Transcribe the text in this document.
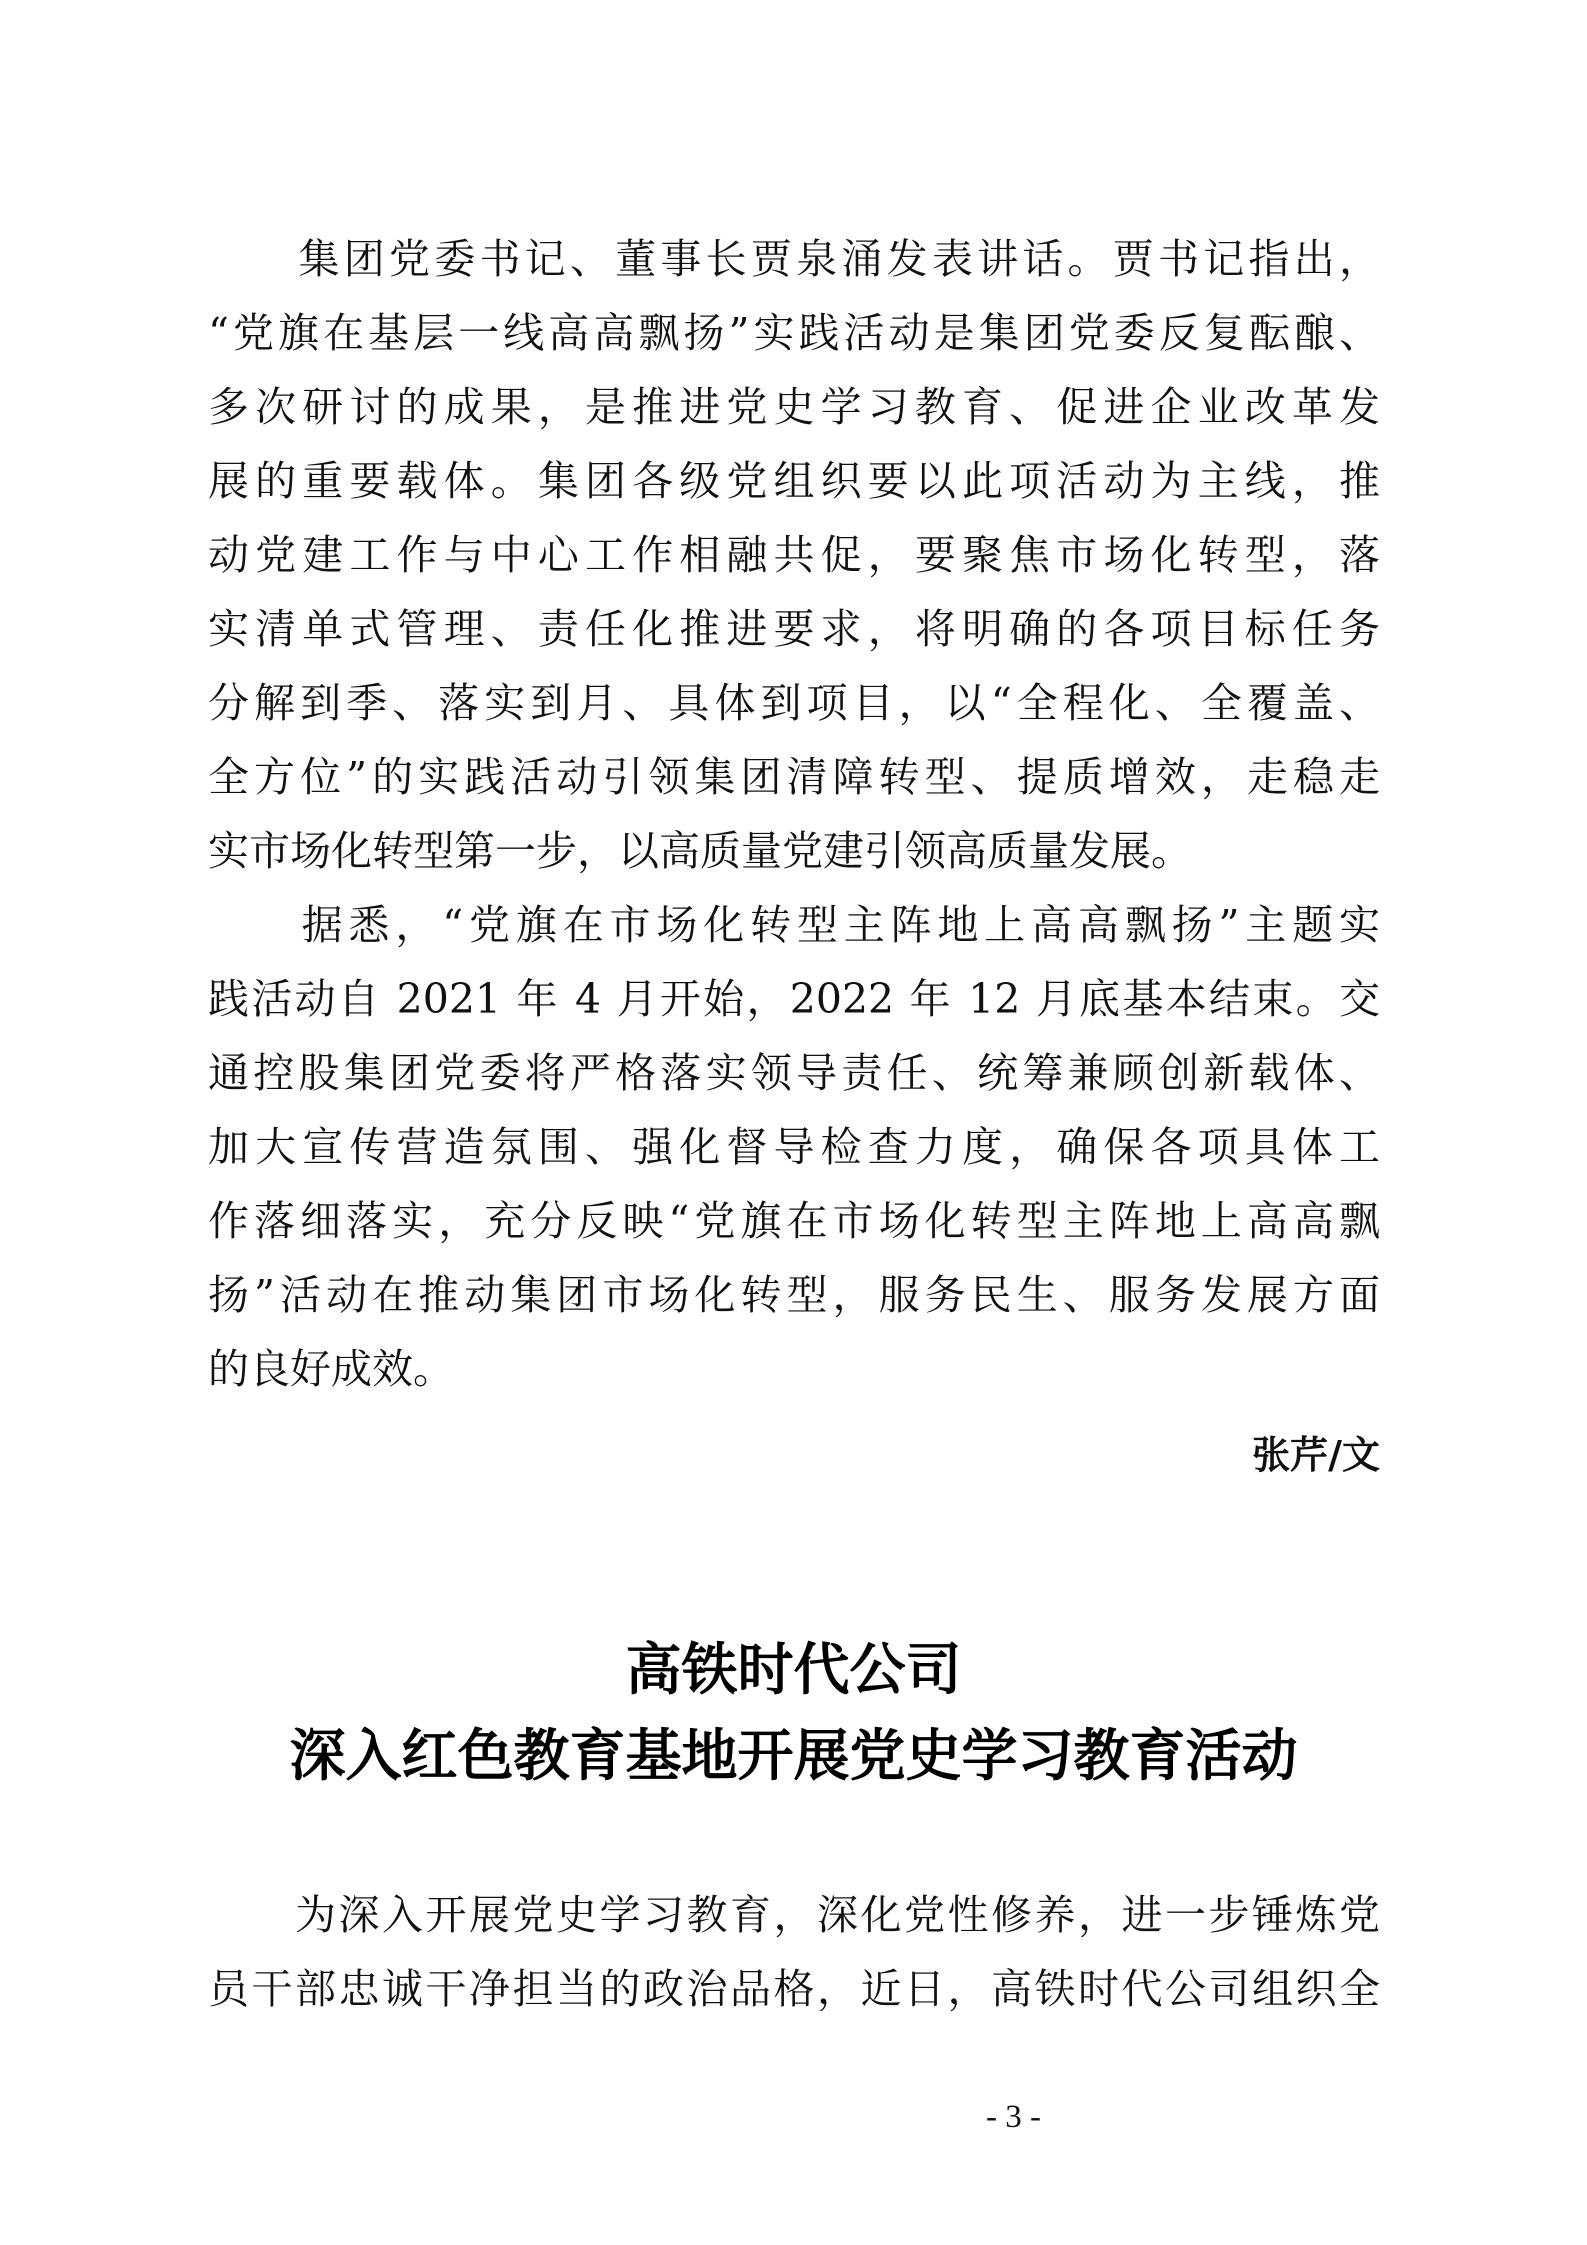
　　集团党委书记、董事长贾泉涌发表讲话。贾书记指出，
“党旗在基层一线高高飘扬”实践活动是集团党委反复酝酿、
多次研讨的成果，是推进党史学习教育、促进企业改革发
展的重要载体。集团各级党组织要以此项活动为主线，推
动党建工作与中心工作相融共促，要聚焦市场化转型，落
实清单式管理、责任化推进要求，将明确的各项目标任务
分解到季、落实到月、具体到项目，以“全程化、全覆盖、
全方位”的实践活动引领集团清障转型、提质增效，走稳走
实市场化转型第一步，以高质量党建引领高质量发展。
　　据悉，“党旗在市场化转型主阵地上高高飘扬”主题实
践活动自 2021 年 4 月开始，2022 年 12 月底基本结束。交
通控股集团党委将严格落实领导责任、统筹兼顾创新载体、
加大宣传营造氛围、强化督导检查力度，确保各项具体工
作落细落实，充分反映“党旗在市场化转型主阵地上高高飘
扬”活动在推动集团市场化转型，服务民生、服务发展方面
的良好成效。
张芹/文
高铁时代公司
深入红色教育基地开展党史学习教育活动
　　为深入开展党史学习教育，深化党性修养，进一步锤炼党
员干部忠诚干净担当的政治品格，近日，高铁时代公司组织全
- 3 -
